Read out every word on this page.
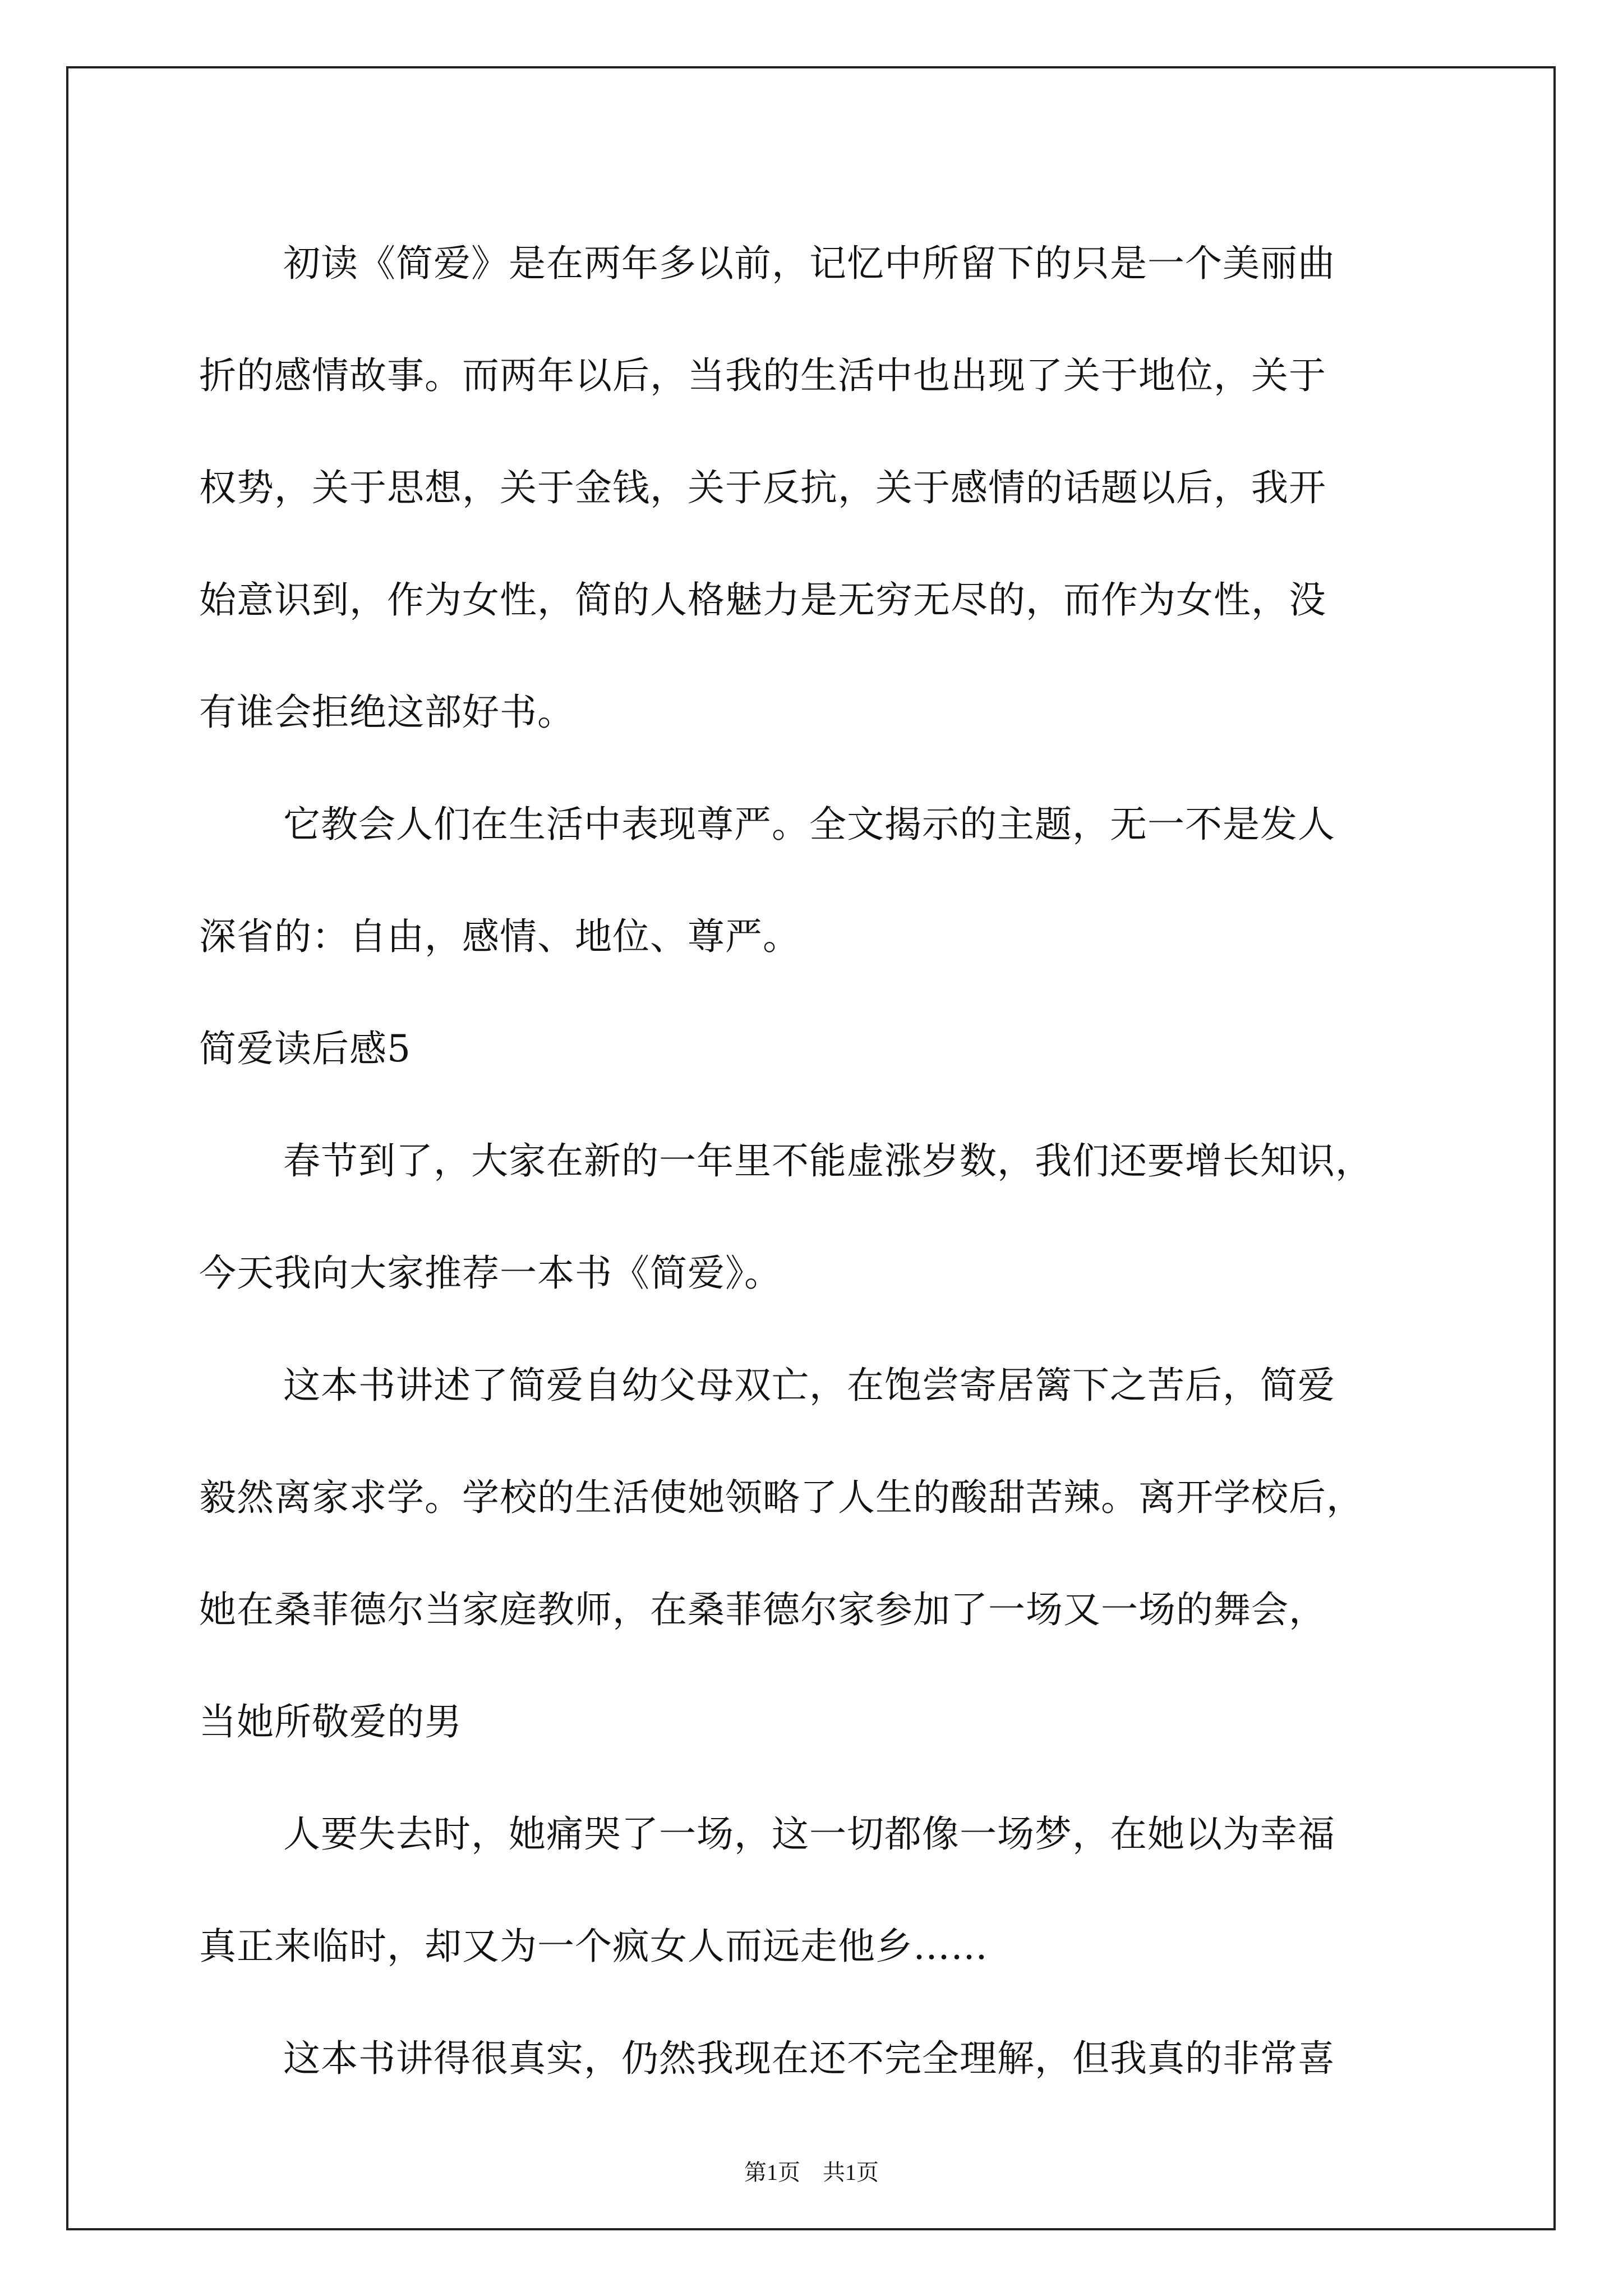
初读《简爱》是在两年多以前，记忆中所留下的只是一个美丽曲
折的感情故事。而两年以后，当我的生活中也出现了关于地位，关于
权势，关于思想，关于金钱，关于反抗，关于感情的话题以后，我开
始意识到，作为女性，简的人格魅力是无穷无尽的，而作为女性，没
有谁会拒绝这部好书。
它教会人们在生活中表现尊严。全文揭示的主题，无一不是发人
深省的：自由，感情、地位、尊严。
简爱读后感5
春节到了，大家在新的一年里不能虚涨岁数，我们还要增长知识，
今天我向大家推荐一本书《简爱》。
这本书讲述了简爱自幼父母双亡，在饱尝寄居篱下之苦后，简爱
毅然离家求学。学校的生活使她领略了人生的酸甜苦辣。离开学校后，
她在桑菲德尔当家庭教师，在桑菲德尔家参加了一场又一场的舞会，
当她所敬爱的男
人要失去时，她痛哭了一场，这一切都像一场梦，在她以为幸福
真正来临时，却又为一个疯女人而远走他乡……
这本书讲得很真实，仍然我现在还不完全理解，但我真的非常喜
第1页　共1页
